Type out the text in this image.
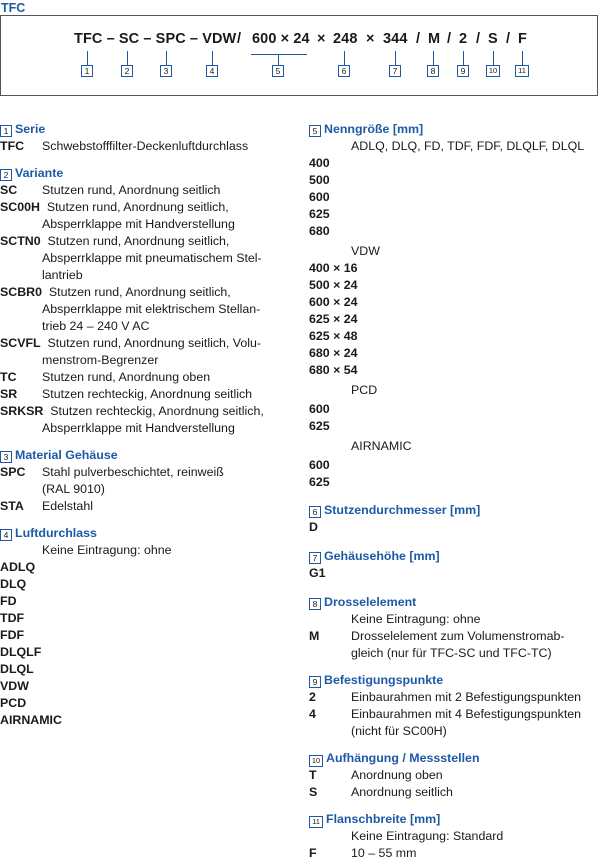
TFC
TFC – SC – SPC – VDW / 600 × 24 × 248 × 344 / M / 2 / S / F
1	2	3	4	5	6	7	8	9	10	11
1 Serie
TFC	Schwebstofffilter-Deckenluftdurchlass
2 Variante
SC	Stutzen rund, Anordnung seitlich
SC00H Stutzen rund, Anordnung seitlich,
Absperrklappe mit Handverstellung
SCTN0 Stutzen rund, Anordnung seitlich,
Absperrklappe mit pneumatischem Stel-
lantrieb
SCBR0 Stutzen rund, Anordnung seitlich,
Absperrklappe mit elektrischem Stellan-
trieb 24 – 240 V AC
SCVFL Stutzen rund, Anordnung seitlich, Volu-
menstrom-Begrenzer
TC	Stutzen rund, Anordnung oben
SR	Stutzen rechteckig, Anordnung seitlich
SRKSR Stutzen rechteckig, Anordnung seitlich,
Absperrklappe mit Handverstellung
3 Material Gehäuse
SPC	Stahl pulverbeschichtet, reinweiß
(RAL 9010)
STA	Edelstahl
4 Luftdurchlass
Keine Eintragung: ohne
ADLQ
DLQ
FD
TDF
FDF
DLQLF
DLQL
VDW
PCD
AIRNAMIC
5 Nenngröße [mm]
ADLQ, DLQ, FD, TDF, FDF, DLQLF, DLQL
400
500
600
625
680
VDW
400 × 16
500 × 24
600 × 24
625 × 24
625 × 48
680 × 24
680 × 54
PCD
600
625
AIRNAMIC
600
625
6 Stutzendurchmesser [mm]
D
7 Gehäusehöhe [mm]
G1
8 Drosselelement
Keine Eintragung: ohne
M	Drosselelement zum Volumenstromab-
gleich (nur für TFC-SC und TFC-TC)
9 Befestigungspunkte
2	Einbaurahmen mit 2 Befestigungspunkten
4	Einbaurahmen mit 4 Befestigungspunkten
(nicht für SC00H)
10 Aufhängung / Messstellen
T	Anordnung oben
S	Anordnung seitlich
11 Flanschbreite [mm]
Keine Eintragung: Standard
F	10 – 55 mm
